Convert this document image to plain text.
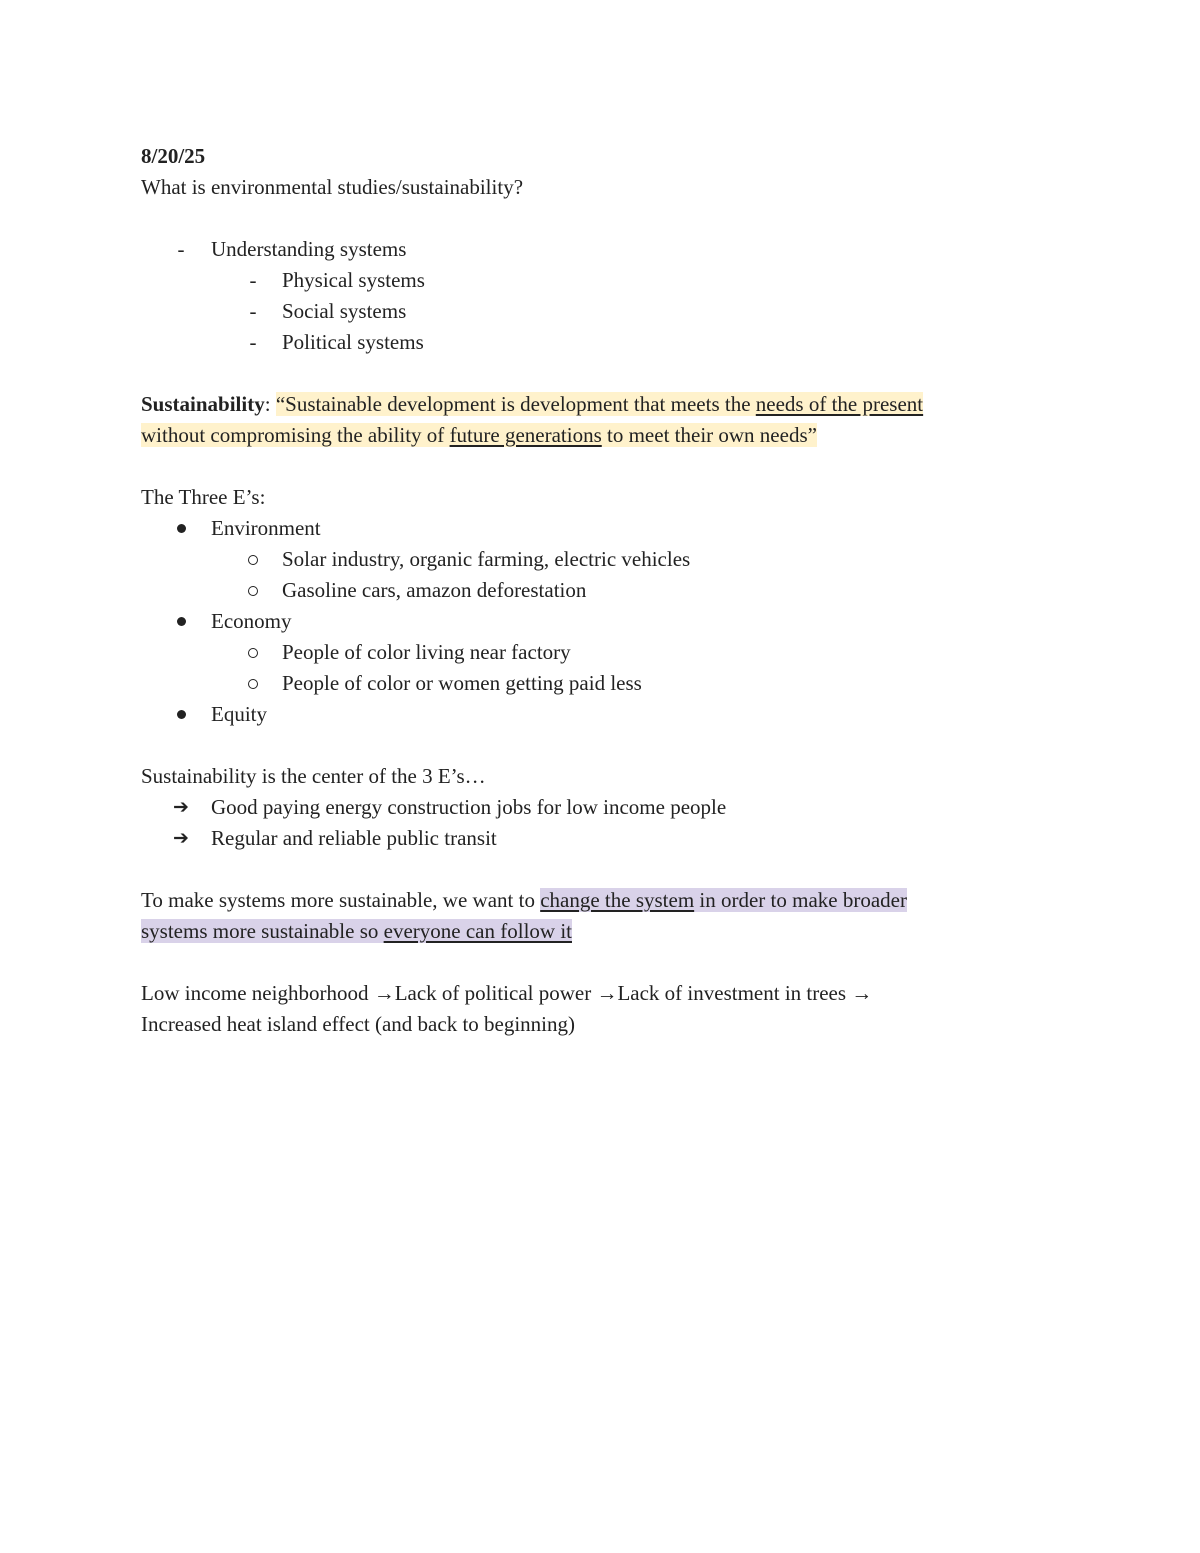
8/20/25
What is environmental studies/sustainability?
-	Understanding systems
-	Physical systems
-	Social systems
-	Political systems
Sustainability: “Sustainable development is development that meets the needs of the present
without compromising the ability of future generations to meet their own needs”
The Three E’s:
Environment
Solar industry, organic farming, electric vehicles
Gasoline cars, amazon deforestation
Economy
People of color living near factory
People of color or women getting paid less
Equity
Sustainability is the center of the 3 E’s…
➔ Good paying energy construction jobs for low income people
➔ Regular and reliable public transit
To make systems more sustainable, we want to change the system in order to make broader
systems more sustainable so everyone can follow it
Low income neighborhood →Lack of political power →Lack of investment in trees →
Increased heat island effect (and back to beginning)
